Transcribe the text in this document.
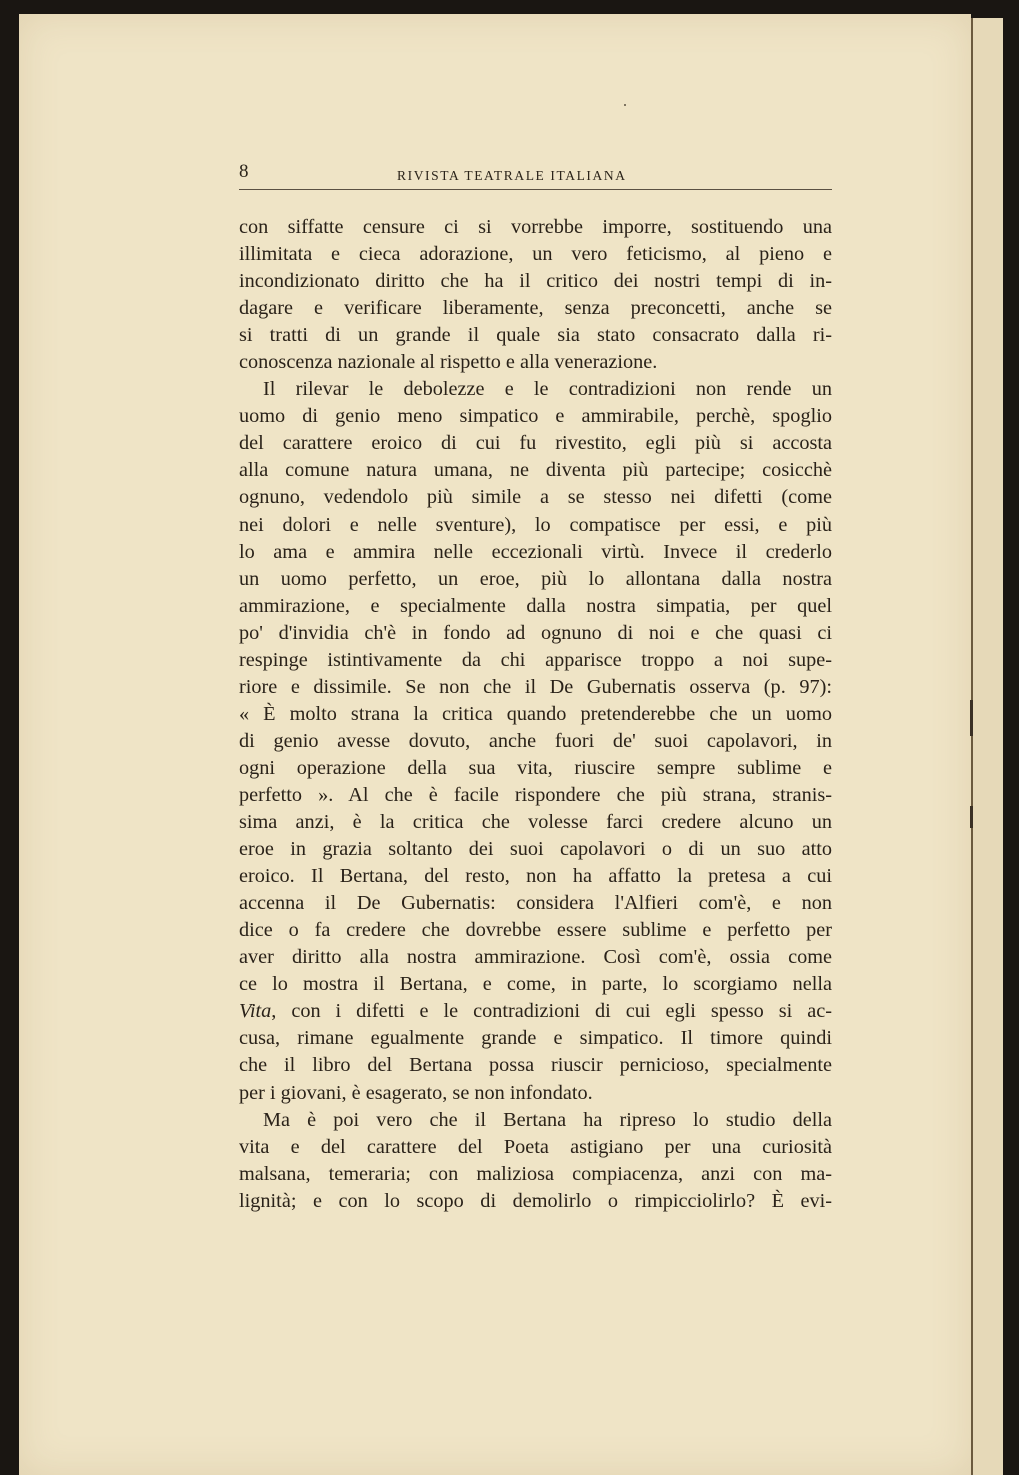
8	RIVISTA TEATRALE ITALIANA
con siffatte censure ci si vorrebbe imporre, sostituendo una
illimitata e cieca adorazione, un vero feticismo, al pieno e
incondizionato diritto che ha il critico dei nostri tempi di in-
dagare e verificare liberamente, senza preconcetti, anche se
si tratti di un grande il quale sia stato consacrato dalla ri-
conoscenza nazionale al rispetto e alla venerazione.
Il rilevar le debolezze e le contradizioni non rende un
uomo di genio meno simpatico e ammirabile, perchè, spoglio
del carattere eroico di cui fu rivestito, egli più si accosta
alla comune natura umana, ne diventa più partecipe; cosicchè
ognuno, vedendolo più simile a se stesso nei difetti (come
nei dolori e nelle sventure), lo compatisce per essi, e più
lo ama e ammira nelle eccezionali virtù. Invece il crederlo
un uomo perfetto, un eroe, più lo allontana dalla nostra
ammirazione, e specialmente dalla nostra simpatia, per quel
po' d'invidia ch'è in fondo ad ognuno di noi e che quasi ci
respinge istintivamente da chi apparisce troppo a noi supe-
riore e dissimile. Se non che il De Gubernatis osserva (p. 97):
« È molto strana la critica quando pretenderebbe che un uomo
di genio avesse dovuto, anche fuori de' suoi capolavori, in
ogni operazione della sua vita, riuscire sempre sublime e
perfetto ». Al che è facile rispondere che più strana, stranis-
sima anzi, è la critica che volesse farci credere alcuno un
eroe in grazia soltanto dei suoi capolavori o di un suo atto
eroico. Il Bertana, del resto, non ha affatto la pretesa a cui
accenna il De Gubernatis: considera l'Alfieri com'è, e non
dice o fa credere che dovrebbe essere sublime e perfetto per
aver diritto alla nostra ammirazione. Così com'è, ossia come
ce lo mostra il Bertana, e come, in parte, lo scorgiamo nella
Vita, con i difetti e le contradizioni di cui egli spesso si ac-
cusa, rimane egualmente grande e simpatico. Il timore quindi
che il libro del Bertana possa riuscir pernicioso, specialmente
per i giovani, è esagerato, se non infondato.
Ma è poi vero che il Bertana ha ripreso lo studio della
vita e del carattere del Poeta astigiano per una curiosità
malsana, temeraria; con maliziosa compiacenza, anzi con ma-
lignità; e con lo scopo di demolirlo o rimpicciolirlo? È evi-
